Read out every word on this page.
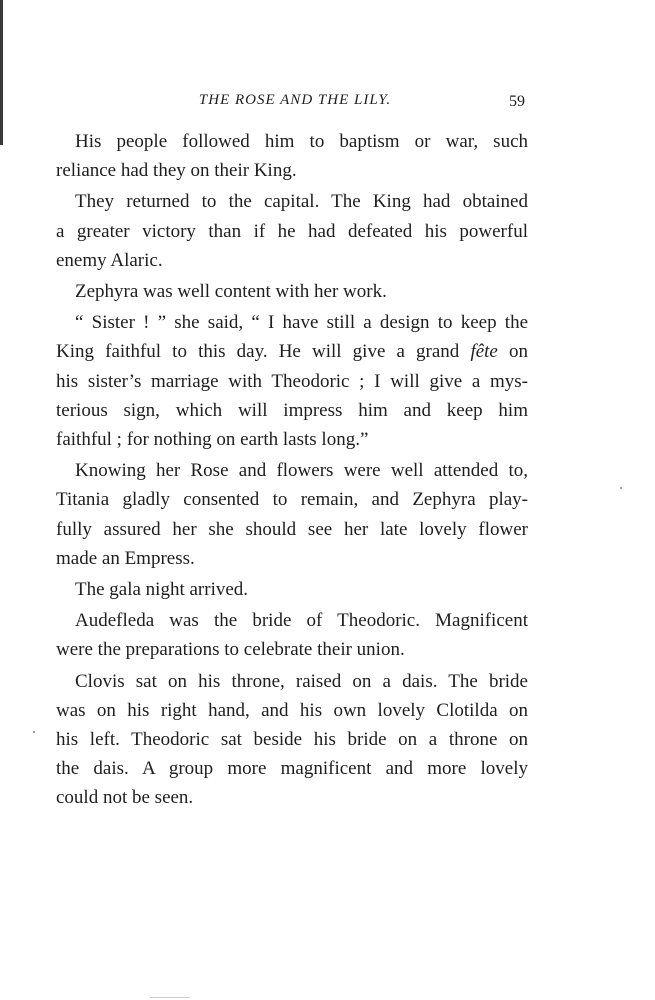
THE ROSE AND THE LILY.	59
His people followed him to baptism or war, such
reliance had they on their King.
They returned to the capital. The King had obtained
a greater victory than if he had defeated his powerful
enemy Alaric.
Zephyra was well content with her work.
“ Sister ! ” she said, “ I have still a design to keep the
King faithful to this day. He will give a grand fête on
his sister’s marriage with Theodoric ; I will give a mys-
terious sign, which will impress him and keep him
faithful ; for nothing on earth lasts long.”
Knowing her Rose and flowers were well attended to,
Titania gladly consented to remain, and Zephyra play-
fully assured her she should see her late lovely flower
made an Empress.
The gala night arrived.
Audefleda was the bride of Theodoric. Magnificent
were the preparations to celebrate their union.
Clovis sat on his throne, raised on a dais. The bride
was on his right hand, and his own lovely Clotilda on
his left. Theodoric sat beside his bride on a throne on
the dais. A group more magnificent and more lovely
could not be seen.
